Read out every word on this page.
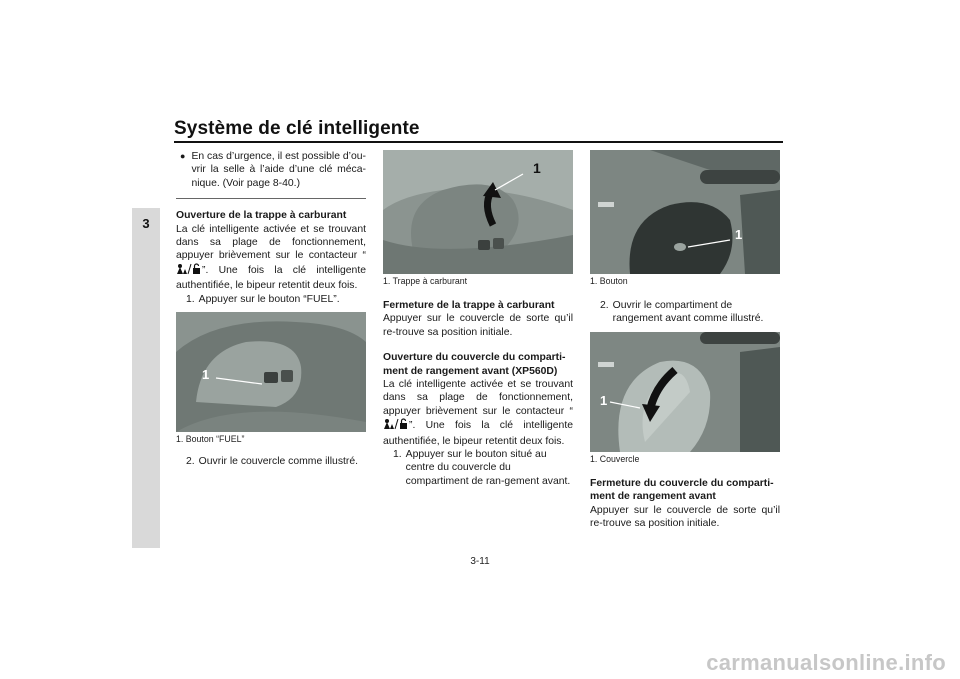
Système de clé intelligente
3
● En cas d’urgence, il est possible d’ou-vrir la selle à l’aide d’une clé méca-nique. (Voir page 8-40.)

Ouverture de la trappe à carburant

La clé intelligente activée et se trouvant dans sa plage de fonctionnement, appuyer brièvement sur le contacteur “”. Une fois la clé intelligente authentifiée, le bipeur retentit deux fois.

1. Appuyer sur le bouton “FUEL”.
1
1. Bouton “FUEL”
2. Ouvrir le couvercle comme illustré.
1
1. Trappe à carburant
Fermeture de la trappe à carburant

Appuyer sur le couvercle de sorte qu’il re-trouve sa position initiale.

Ouverture du couvercle du comparti-ment de rangement avant (XP560D)

La clé intelligente activée et se trouvant dans sa plage de fonctionnement, appuyer brièvement sur le contacteur “”. Une fois la clé intelligente authentifiée, le bipeur retentit deux fois.

1. Appuyer sur le bouton situé au centre du couvercle du compartiment de ran-gement avant.
1
1. Bouton
2. Ouvrir le compartiment de rangement avant comme illustré.
1
1. Couvercle
Fermeture du couvercle du comparti-ment de rangement avant

Appuyer sur le couvercle de sorte qu’il re-trouve sa position initiale.

3-11
carmanualsonline.info
